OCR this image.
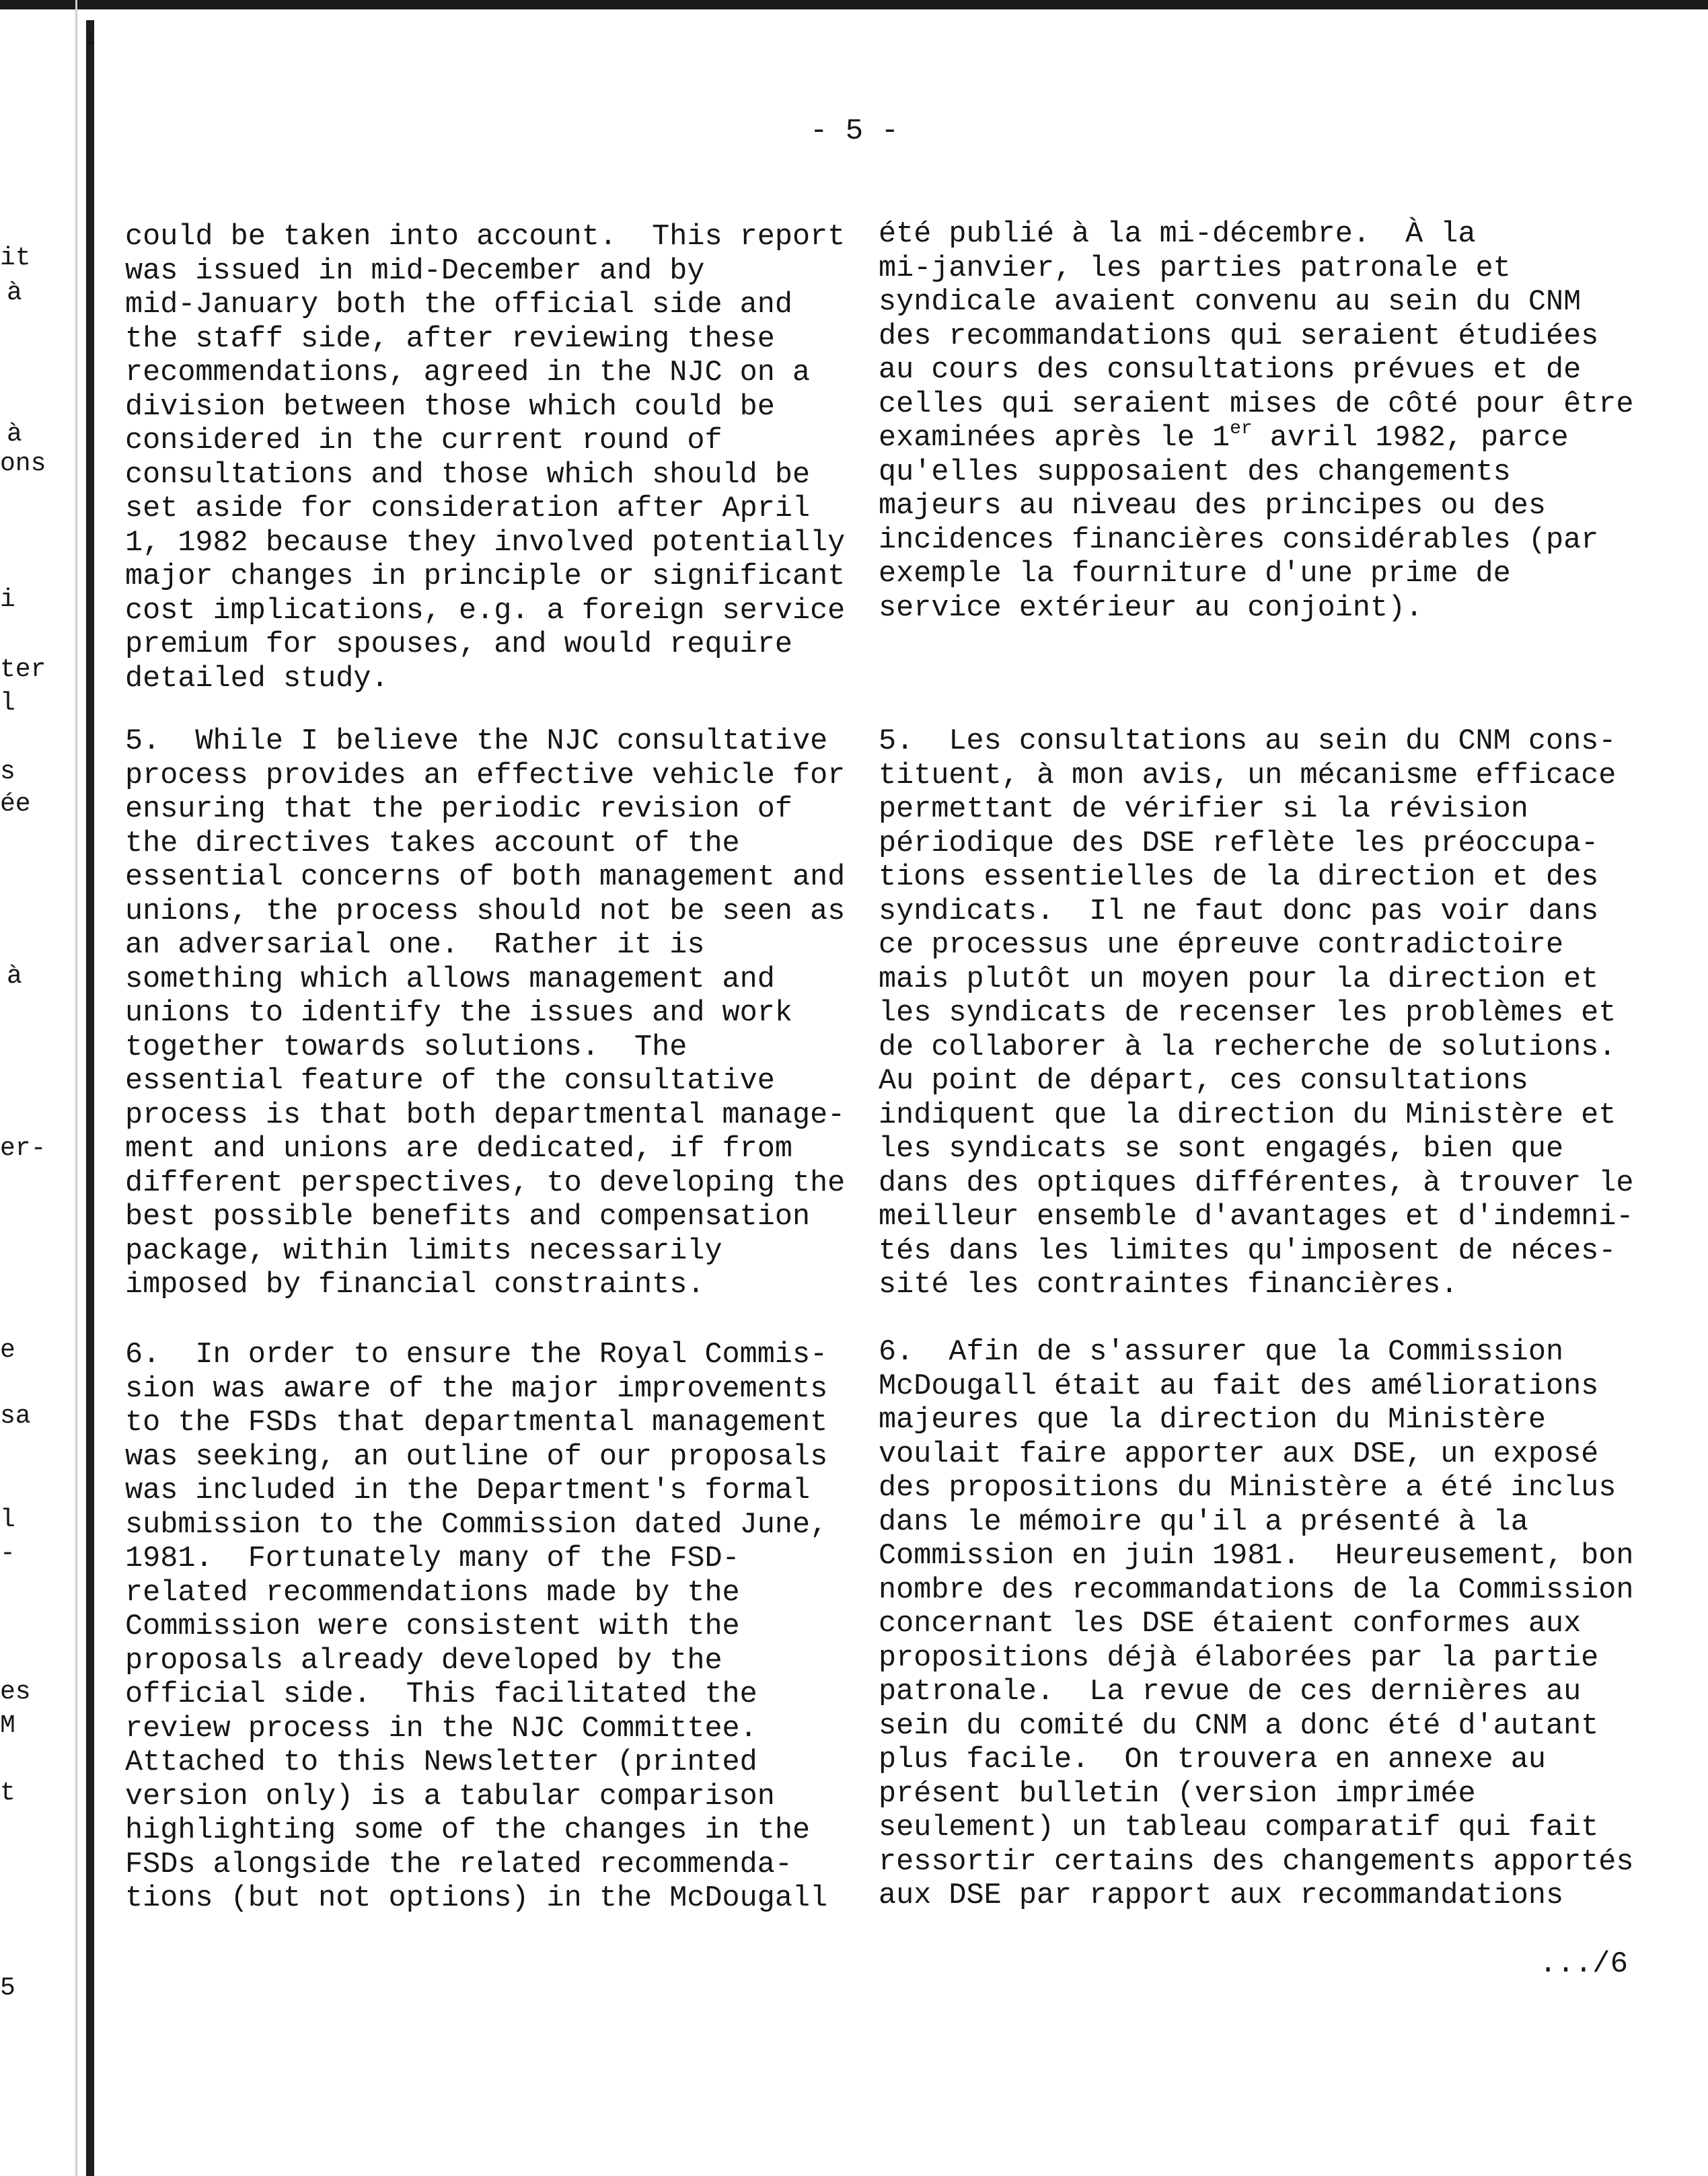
1
it
à
à
ons
i
ter
l
s
ée
à
er-
e
sa
l
-
es
M
t
5
- 5 -

could be taken into account.  This report
was issued in mid-December and by
mid-January both the official side and
the staff side, after reviewing these
recommendations, agreed in the NJC on a
division between those which could be
considered in the current round of
consultations and those which should be
set aside for consideration after April
1, 1982 because they involved potentially
major changes in principle or significant
cost implications, e.g. a foreign service
premium for spouses, and would require
detailed study.

5.  While I believe the NJC consultative
process provides an effective vehicle for
ensuring that the periodic revision of
the directives takes account of the
essential concerns of both management and
unions, the process should not be seen as
an adversarial one.  Rather it is
something which allows management and
unions to identify the issues and work
together towards solutions.  The
essential feature of the consultative
process is that both departmental manage-
ment and unions are dedicated, if from
different perspectives, to developing the
best possible benefits and compensation
package, within limits necessarily
imposed by financial constraints.

6.  In order to ensure the Royal Commis-
sion was aware of the major improvements
to the FSDs that departmental management
was seeking, an outline of our proposals
was included in the Department's formal
submission to the Commission dated June,
1981.  Fortunately many of the FSD-
related recommendations made by the
Commission were consistent with the
proposals already developed by the
official side.  This facilitated the
review process in the NJC Committee.
Attached to this Newsletter (printed
version only) is a tabular comparison
highlighting some of the changes in the
FSDs alongside the related recommenda-
tions (but not options) in the McDougall

été publié à la mi-décembre.  À la
mi-janvier, les parties patronale et
syndicale avaient convenu au sein du CNM
des recommandations qui seraient étudiées
au cours des consultations prévues et de
celles qui seraient mises de côté pour être
examinées après le 1er avril 1982, parce
qu'elles supposaient des changements
majeurs au niveau des principes ou des
incidences financières considérables (par
exemple la fourniture d'une prime de
service extérieur au conjoint).

5.  Les consultations au sein du CNM cons-
tituent, à mon avis, un mécanisme efficace
permettant de vérifier si la révision
périodique des DSE reflète les préoccupa-
tions essentielles de la direction et des
syndicats.  Il ne faut donc pas voir dans
ce processus une épreuve contradictoire
mais plutôt un moyen pour la direction et
les syndicats de recenser les problèmes et
de collaborer à la recherche de solutions.
Au point de départ, ces consultations
indiquent que la direction du Ministère et
les syndicats se sont engagés, bien que
dans des optiques différentes, à trouver le
meilleur ensemble d'avantages et d'indemni-
tés dans les limites qu'imposent de néces-
sité les contraintes financières.

6.  Afin de s'assurer que la Commission
McDougall était au fait des améliorations
majeures que la direction du Ministère
voulait faire apporter aux DSE, un exposé
des propositions du Ministère a été inclus
dans le mémoire qu'il a présenté à la
Commission en juin 1981.  Heureusement, bon
nombre des recommandations de la Commission
concernant les DSE étaient conformes aux
propositions déjà élaborées par la partie
patronale.  La revue de ces dernières au
sein du comité du CNM a donc été d'autant
plus facile.  On trouvera en annexe au
présent bulletin (version imprimée
seulement) un tableau comparatif qui fait
ressortir certains des changements apportés
aux DSE par rapport aux recommandations

.../6
